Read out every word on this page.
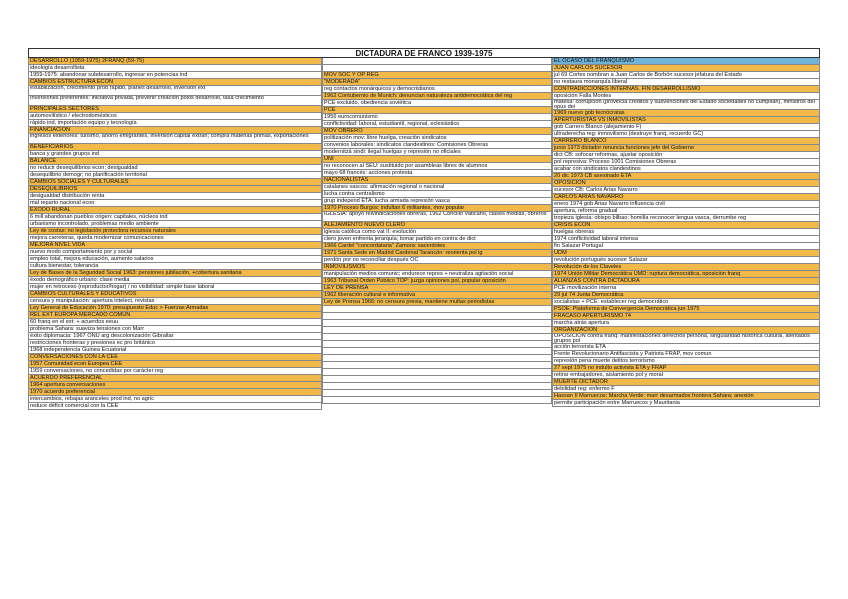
DICTADURA DE FRANCO 1939-1975
DESARROLLO (1959-1975) 2FRANQ (59-75)
ideología desarrollista
1959-1975: abandonar subdesarrollo, ingresar en potencias ind
CAMBIOS ESTRUCTURA ECON
estabilización, crecimiento prod rápido, planes desarrollo, inversión ext
Inversiones preferentes: iniciativa privada, prevenir creación polos desarrollo, tasa crecimiento
PRINCIPALES SECTORES
automovilístico / electrodomésticos
rápido ind, importación equipo y tecnología
FINANCIACION
ingresos exteriores: turismo, ahorro emigrantes, inversión capital extran; compra materias primas, exportaciones
BENEFICIARIOS
banca y grandes grupos ind
BALANCE
no reducir desequilibrios econ; desigualdad
desequilibrio demogr; no planificación territorial
CAMBIOS SOCIALES Y CULTURALES
DESEQUILIBRIOS
desigualdad distribución renta
mal reparto nacional econ
EXODO RURAL
6 mill abandonan pueblos origen: capitales, núcleos ind
urbanismo incontrolado, problemas medio ambiente
Ley de costas: no legislación protectora recursos naturales
mejora carreteras, queda modernizar comunicaciones
MEJORA NIVEL VIDA
nuevo modo comportamiento por y social
empleo total, mejora educación, aumento salarios
cultura bienestar, tolerancia
Ley de Bases de la Seguridad Social 1963: pensiones jubilación, +cobertura sanitaria
éxodo demográfico urbano: clase media
mujer en retroceso (reproductor/hogar) / no visibilidad: simple base laboral
CAMBIOS CULTURALES Y EDUCATIVOS
censura y manipulación: apertura intelect, revistas
Ley General de Educación 1970: presupuesto Educ > Fuerzas Armadas
REL EXT EUROPA MERCADO COMUN
60 franq en el ext: + acuerdos eeuu
problema Sahara: suaviza tensiones con Marr
éxito diplomacia: 1967 ONU arg descolonización Gibraltar
restricciones fronteras y presiones ec pro británico
1968 independencia Guinea Ecuatorial
CONVERSACIONES CON LA CEE
1957 Comunidad econ Europea CEE
1959 conversaciones, no concedidas por carácter reg
ACUERDO PREFERENCIAL
1964 apertura conversaciones
1970 acuerdo preferencial
intercambios, rebajas aranceles prod ind, no agríc
reduce déficit comercial con la CEE
MOV SOC Y OP REG
"MODERADA"
reg contactos monárquicos y democristianos
1962 Contubernio de Munich: denuncian naturaleza antidemocrática del reg
PCE excluido, obediencia soviética
PCE
1956 eurocomunismo
conflictividad: laboral, estudiantil, regional, eclesiástico
MOV OBRERO
politización mov: libre huelga, creación sindicatos
convenios laborales: sindicatos clandestinos: Comisiones Obreras
modernitzá sindi: ilegal huelgas y represión no oficiales
UNI
no reconocen al SEU: sustituido por asambleas libres de alumnos
mayo 68 francés: acciones protesta
NACIONALISTAS
catalanes vascos: afirmación regional o nacional
lucha contra centralismo
grup independ ETA: lucha armada represión vasca
1970 Proceso Burgos: indultan 6 militantes, mov popular
IGLESIA: apoyo reivindicaciones obreras, 1962 Concilio Vaticano, clases medias, obreros
ALEJAMIENTO NUEVO CLERO
iglesia católica como vat II: evolución
clero joven enfrenta jerarquía; tomar partido en contra de dict
1966 Cardel "concordataria" Zamora: sacerdotes
1971 Santa Sede en Madrid Cardenal Tarancón: reorienta pol ig
perdón por no reconciliar después OC
INMOVILISMOS
manipulación medios comunic; endurece repres + neutraliza agitación social
1963 Tribunal Orden Público TOP: juzga opiniones pol, popular oposición
LEY DE PRENSA
1962 liberación cultural e informativa
Ley de Prensa 1966: no censura previa, mantiene multas periodistas
EL OCASO DEL FRANQUISMO
JUAN CARLOS SUCESOR
jul 69 Cortes nombran a Juan Carlos de Borbón sucesor jefatura del Estado
no restaura monarquía liberal
CONTRADICCIONES INTERNAS. FIN DESARROLLISMO
oposición Falla Montes
matesa: corrupción (provincia créditos y subvenciones del Estado sociedades no cumplían), ministros del opus dei
1969 nuevo gob tecnócratas
APERTURISTAS VS INMOVILISTAS
gob Carrero Blanco (alejamiento F)
ultraderecha reg: inmovilismo (destruye franq, recuerdo GC)
CARRERO BLANCO
junio 1973 dictador renuncia funciones jefe del Gobierno
dict CB: sofocar reformas, ajustar oposición
pol represiva: Proceso 1001 Comisiones Obreras
acabar con sindicatos clandestinos
20 dic 1973 CB asesinado ETA
OPOSICIÓN
sucesor CB: Carlos Arias Navarro
CARLOS ARIAS NAVARRO
enero 1974 gob Arias Navarro influencia civil
apertura, reforma gradual
tropieza iglesia: obispo bilbao: homilía reconocer lengua vasca, derrumbe reg
CRISIS ECON
huelgas obreras
1974 conflictividad laboral intensa
fin Salazar Portugal
UDM
revolución portugués sucesor Salazar
Revolución de los Claveles
1974 Unión Militar Democrática UMD: ruptura democrática, oposición franq
ALIANZAS CONTRA DICTADURA
PCE movilización interna
29 jul 74 Junta Democrática
socialistas + PCE: establecer reg democrático
PSOE: Plataforma de Convergencia Democrática jun 1975
FRACASO APERTURISMO 74
marcha atrás apertura
ORGANIZACIÓN
OPOSICIÓN contra franq: manifestaciones derechos persona, singularidad histórica cultural, atentados grupos pol
acción terrorista ETA
Frente Revolucionario Antifascista y Patriota FRAP, mov comun
represión pena muerte delitos terrorismo
27 sept 1975 no indulto activista ETA y FRAP
retirar embajadores, aislamiento pol y moral
MUERTE DICTADOR
debilidad reg: enfermo F
Hassan II Marruecos: Marcha Verde: marr desarmados frontera Sahara; anexión
permite participación entre Marruecos y Mauritania
